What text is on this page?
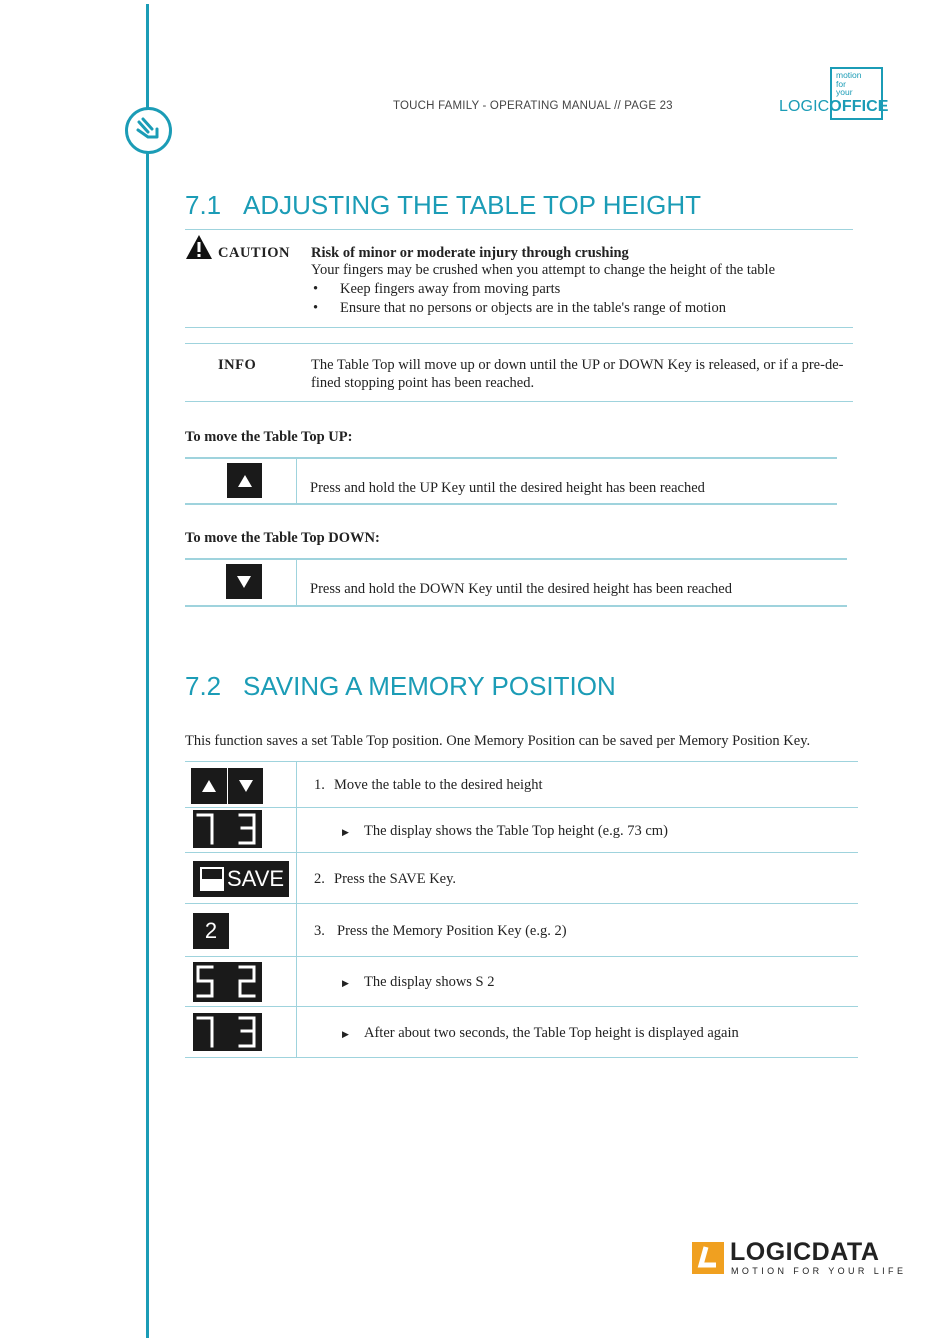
TOUCH FAMILY - OPERATING MANUAL // PAGE 23
motion
for
your
LOGICOFFICE
7.1 ADJUSTING THE TABLE TOP HEIGHT
CAUTION Risk of minor or moderate injury through crushing
Your fingers may be crushed when you attempt to change the height of the table
• Keep fingers away from moving parts
• Ensure that no persons or objects are in the table's range of motion
INFO	The Table Top will move up or down until the UP or DOWN Key is released, or if a pre-de-
fined stopping point has been reached.
To move the Table Top UP:
Press and hold the UP Key until the desired height has been reached
To move the Table Top DOWN:
Press and hold the DOWN Key until the desired height has been reached
7.2 SAVING A MEMORY POSITION
This function saves a set Table Top position. One Memory Position can be saved per Memory Position Key.
1. Move the table to the desired height
▶ The display shows the Table Top height (e.g. 73 cm)
SAVE 2. Press the SAVE Key.
2	3. Press the Memory Position Key (e.g. 2)
▶ The display shows S 2
▶ After about two seconds, the Table Top height is displayed again
LOGICDATA
MOTION FOR YOUR LIFE
